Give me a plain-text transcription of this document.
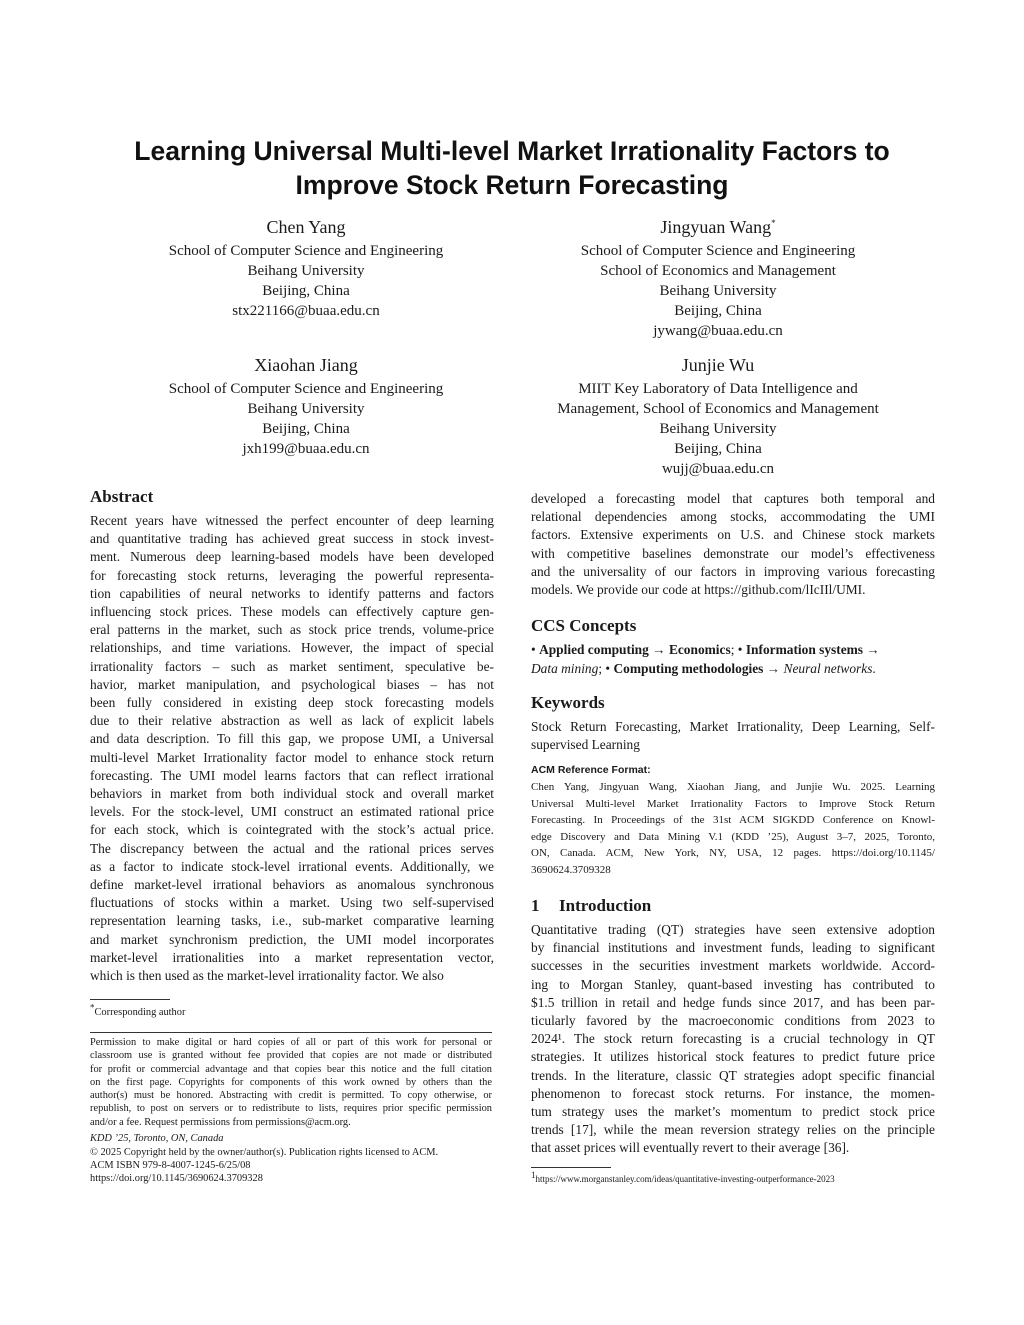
Learning Universal Multi-level Market Irrationality Factors to
Improve Stock Return Forecasting
Chen Yang
School of Computer Science and Engineering
Beihang University
Beijing, China
stx221166@buaa.edu.cn
Jingyuan Wang*
School of Computer Science and Engineering
School of Economics and Management
Beihang University
Beijing, China
jywang@buaa.edu.cn
Xiaohan Jiang
School of Computer Science and Engineering
Beihang University
Beijing, China
jxh199@buaa.edu.cn
Junjie Wu
MIIT Key Laboratory of Data Intelligence and
Management, School of Economics and Management
Beihang University
Beijing, China
wujj@buaa.edu.cn
Abstract
Recent years have witnessed the perfect encounter of deep learning
and quantitative trading has achieved great success in stock invest-
ment. Numerous deep learning-based models have been developed
for forecasting stock returns, leveraging the powerful representa-
tion capabilities of neural networks to identify patterns and factors
influencing stock prices. These models can effectively capture gen-
eral patterns in the market, such as stock price trends, volume-price
relationships, and time variations. However, the impact of special
irrationality factors – such as market sentiment, speculative be-
havior, market manipulation, and psychological biases – has not
been fully considered in existing deep stock forecasting models
due to their relative abstraction as well as lack of explicit labels
and data description. To fill this gap, we propose UMI, a Universal
multi-level Market Irrationality factor model to enhance stock return
forecasting. The UMI model learns factors that can reflect irrational
behaviors in market from both individual stock and overall market
levels. For the stock-level, UMI construct an estimated rational price
for each stock, which is cointegrated with the stock’s actual price.
The discrepancy between the actual and the rational prices serves
as a factor to indicate stock-level irrational events. Additionally, we
define market-level irrational behaviors as anomalous synchronous
fluctuations of stocks within a market. Using two self-supervised
representation learning tasks, i.e., sub-market comparative learning
and market synchronism prediction, the UMI model incorporates
market-level irrationalities into a market representation vector,
which is then used as the market-level irrationality factor. We also
*Corresponding author
Permission to make digital or hard copies of all or part of this work for personal or
classroom use is granted without fee provided that copies are not made or distributed
for profit or commercial advantage and that copies bear this notice and the full citation
on the first page. Copyrights for components of this work owned by others than the
author(s) must be honored. Abstracting with credit is permitted. To copy otherwise, or
republish, to post on servers or to redistribute to lists, requires prior specific permission
and/or a fee. Request permissions from permissions@acm.org.
KDD ’25, Toronto, ON, Canada
© 2025 Copyright held by the owner/author(s). Publication rights licensed to ACM.
ACM ISBN 979-8-4007-1245-6/25/08
https://doi.org/10.1145/3690624.3709328
developed a forecasting model that captures both temporal and
relational dependencies among stocks, accommodating the UMI
factors. Extensive experiments on U.S. and Chinese stock markets
with competitive baselines demonstrate our model’s effectiveness
and the universality of our factors in improving various forecasting
models. We provide our code at https://github.com/lIcIIl/UMI.
CCS Concepts
• Applied computing → Economics; • Information systems →
Data mining; • Computing methodologies → Neural networks.
Keywords
Stock Return Forecasting, Market Irrationality, Deep Learning, Self-
supervised Learning
ACM Reference Format:
Chen Yang, Jingyuan Wang, Xiaohan Jiang, and Junjie Wu. 2025. Learning
Universal Multi-level Market Irrationality Factors to Improve Stock Return
Forecasting. In Proceedings of the 31st ACM SIGKDD Conference on Knowl-
edge Discovery and Data Mining V.1 (KDD ’25), August 3–7, 2025, Toronto,
ON, Canada. ACM, New York, NY, USA, 12 pages. https://doi.org/10.1145/
3690624.3709328
1 Introduction
Quantitative trading (QT) strategies have seen extensive adoption
by financial institutions and investment funds, leading to significant
successes in the securities investment markets worldwide. Accord-
ing to Morgan Stanley, quant-based investing has contributed to
$1.5 trillion in retail and hedge funds since 2017, and has been par-
ticularly favored by the macroeconomic conditions from 2023 to
2024¹. The stock return forecasting is a crucial technology in QT
strategies. It utilizes historical stock features to predict future price
trends. In the literature, classic QT strategies adopt specific financial
phenomenon to forecast stock returns. For instance, the momen-
tum strategy uses the market’s momentum to predict stock price
trends [17], while the mean reversion strategy relies on the principle
that asset prices will eventually revert to their average [36].
$^1$https://www.morganstanley.com/ideas/quantitative-investing-outperformance-2023
